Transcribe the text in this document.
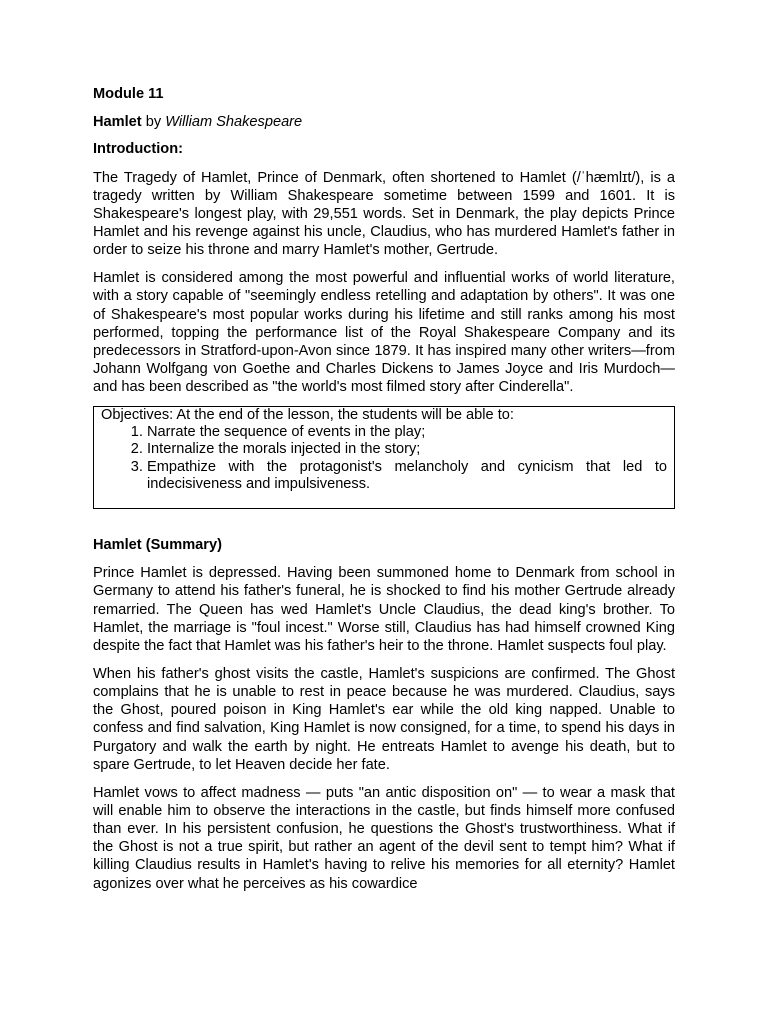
Module 11
Hamlet by William Shakespeare
Introduction:

The Tragedy of Hamlet, Prince of Denmark, often shortened to Hamlet (/ˈhæmlɪt/), is a tragedy written by William Shakespeare sometime between 1599 and 1601. It is Shakespeare's longest play, with 29,551 words. Set in Denmark, the play depicts Prince Hamlet and his revenge against his uncle, Claudius, who has murdered Hamlet's father in order to seize his throne and marry Hamlet's mother, Gertrude.

Hamlet is considered among the most powerful and influential works of world literature, with a story capable of "seemingly endless retelling and adaptation by others". It was one of Shakespeare's most popular works during his lifetime and still ranks among his most performed, topping the performance list of the Royal Shakespeare Company and its predecessors in Stratford-upon-Avon since 1879. It has inspired many other writers—from Johann Wolfgang von Goethe and Charles Dickens to James Joyce and Iris Murdoch—and has been described as "the world's most filmed story after Cinderella".

Objectives: At the end of the lesson, the students will be able to:
1. Narrate the sequence of events in the play;
2. Internalize the morals injected in the story;
3. Empathize with the protagonist's melancholy and cynicism that led to indecisiveness and impulsiveness.
Hamlet (Summary)

Prince Hamlet is depressed. Having been summoned home to Denmark from school in Germany to attend his father's funeral, he is shocked to find his mother Gertrude already remarried. The Queen has wed Hamlet's Uncle Claudius, the dead king's brother. To Hamlet, the marriage is "foul incest." Worse still, Claudius has had himself crowned King despite the fact that Hamlet was his father's heir to the throne. Hamlet suspects foul play.

When his father's ghost visits the castle, Hamlet's suspicions are confirmed. The Ghost complains that he is unable to rest in peace because he was murdered. Claudius, says the Ghost, poured poison in King Hamlet's ear while the old king napped. Unable to confess and find salvation, King Hamlet is now consigned, for a time, to spend his days in Purgatory and walk the earth by night. He entreats Hamlet to avenge his death, but to spare Gertrude, to let Heaven decide her fate.

Hamlet vows to affect madness — puts "an antic disposition on" — to wear a mask that will enable him to observe the interactions in the castle, but finds himself more confused than ever. In his persistent confusion, he questions the Ghost's trustworthiness. What if the Ghost is not a true spirit, but rather an agent of the devil sent to tempt him? What if killing Claudius results in Hamlet's having to relive his memories for all eternity? Hamlet agonizes over what he perceives as his cowardice
